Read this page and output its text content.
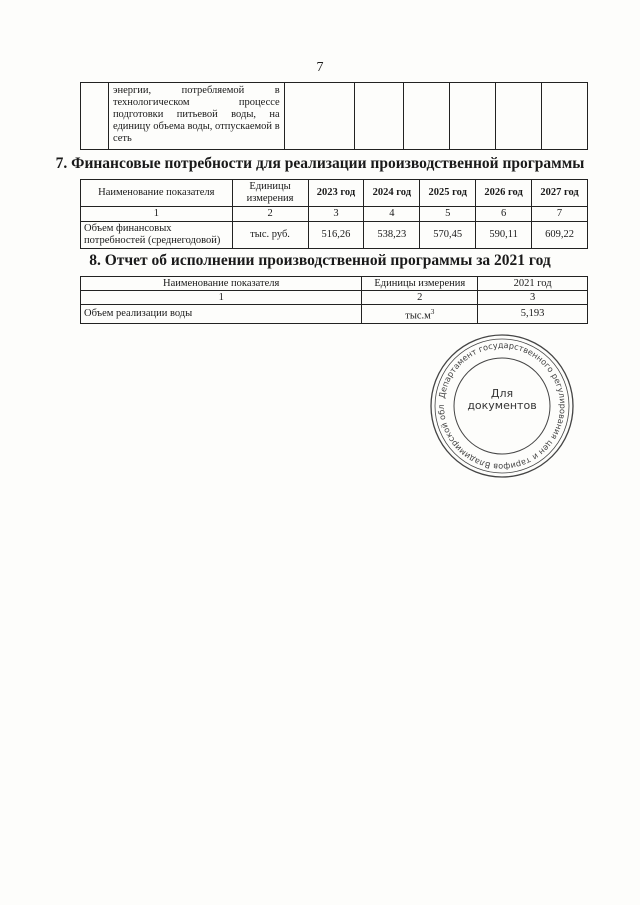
7
	энергии, потребляемой в технологическом процессе подготовки питьевой воды, на единицу объема воды, отпускаемой в сеть						
7. Финансовые потребности для реализации производственной программы
Наименование показателя	Единицы измерения	2023 год	2024 год	2025 год	2026 год	2027 год
1	2	3	4	5	6	7
Объем финансовых потребностей (среднегодовой)	тыс. руб.	516,26	538,23	570,45	590,11	609,22
8. Отчет об исполнении производственной программы за 2021 год
Наименование показателя	Единицы измерения	2021 год
1	2	3
Объем реализации воды	$тыс.м^3$	5,193
Департамент государственного регулирования цен и тарифов Владимирской обл
Для
документов
